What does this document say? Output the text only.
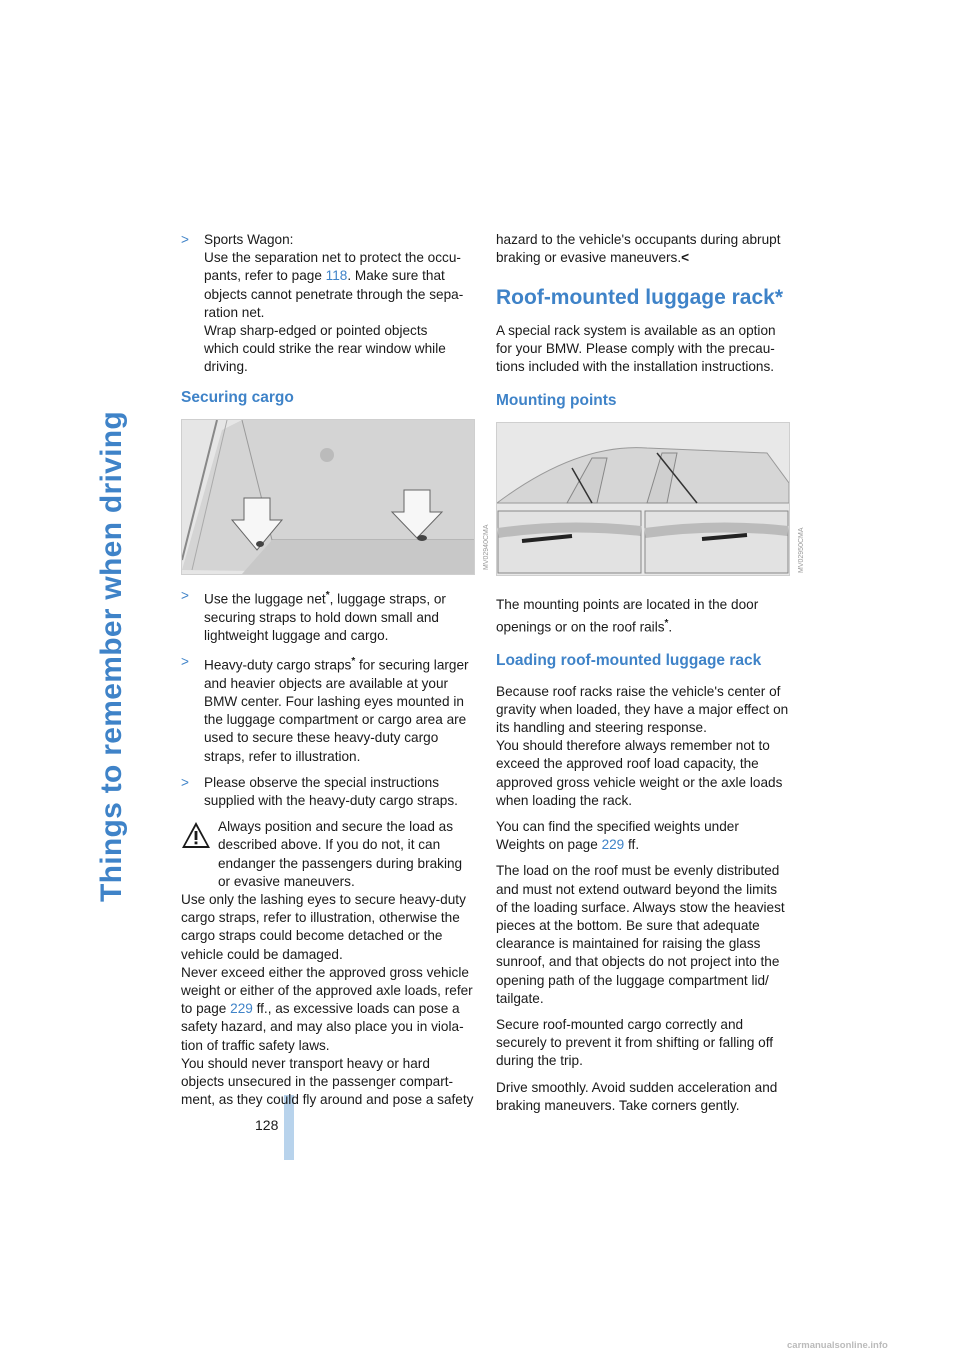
Things to remember when driving
128
> Sports Wagon:
Use the separation net to protect the occu-
pants, refer to page 118. Make sure that
objects cannot penetrate through the sepa-
ration net.
Wrap sharp-edged or pointed objects
which could strike the rear window while
driving.
Securing cargo
MV02940CMA
> Use the luggage net*, luggage straps, or securing straps to hold down small and lightweight luggage and cargo.
> Heavy-duty cargo straps* for securing larger and heavier objects are available at your BMW center. Four lashing eyes mounted in the luggage compartment or cargo area are used to secure these heavy-duty cargo straps, refer to illustration.
> Please observe the special instructions supplied with the heavy-duty cargo straps.

Always position and secure the load as described above. If you do not, it can endanger the passengers during braking or evasive maneuvers.

Use only the lashing eyes to secure heavy-duty cargo straps, refer to illustration, otherwise the cargo straps could become detached or the vehicle could be damaged.

Never exceed either the approved gross vehicle weight or either of the approved axle loads, refer to page 229 ff., as excessive loads can pose a safety hazard, and may also place you in viola-tion of traffic safety laws.

You should never transport heavy or hard objects unsecured in the passenger compart-ment, as they could fly around and pose a safety

hazard to the vehicle's occupants during abrupt braking or evasive maneuvers.<

Roof-mounted luggage rack*

A special rack system is available as an option for your BMW. Please comply with the precau-tions included with the installation instructions.

Mounting points
MV02950CMA

The mounting points are located in the door openings or on the roof rails*.

Loading roof-mounted luggage rack

Because roof racks raise the vehicle's center of gravity when loaded, they have a major effect on its handling and steering response.

You should therefore always remember not to exceed the approved roof load capacity, the approved gross vehicle weight or the axle loads when loading the rack.

You can find the specified weights under Weights on page 229 ff.

The load on the roof must be evenly distributed and must not extend outward beyond the limits of the loading surface. Always stow the heaviest pieces at the bottom. Be sure that adequate clearance is maintained for raising the glass sunroof, and that objects do not project into the opening path of the luggage compartment lid/ tailgate.

Secure roof-mounted cargo correctly and securely to prevent it from shifting or falling off during the trip.

Drive smoothly. Avoid sudden acceleration and braking maneuvers. Take corners gently.

carmanualsonline.info
